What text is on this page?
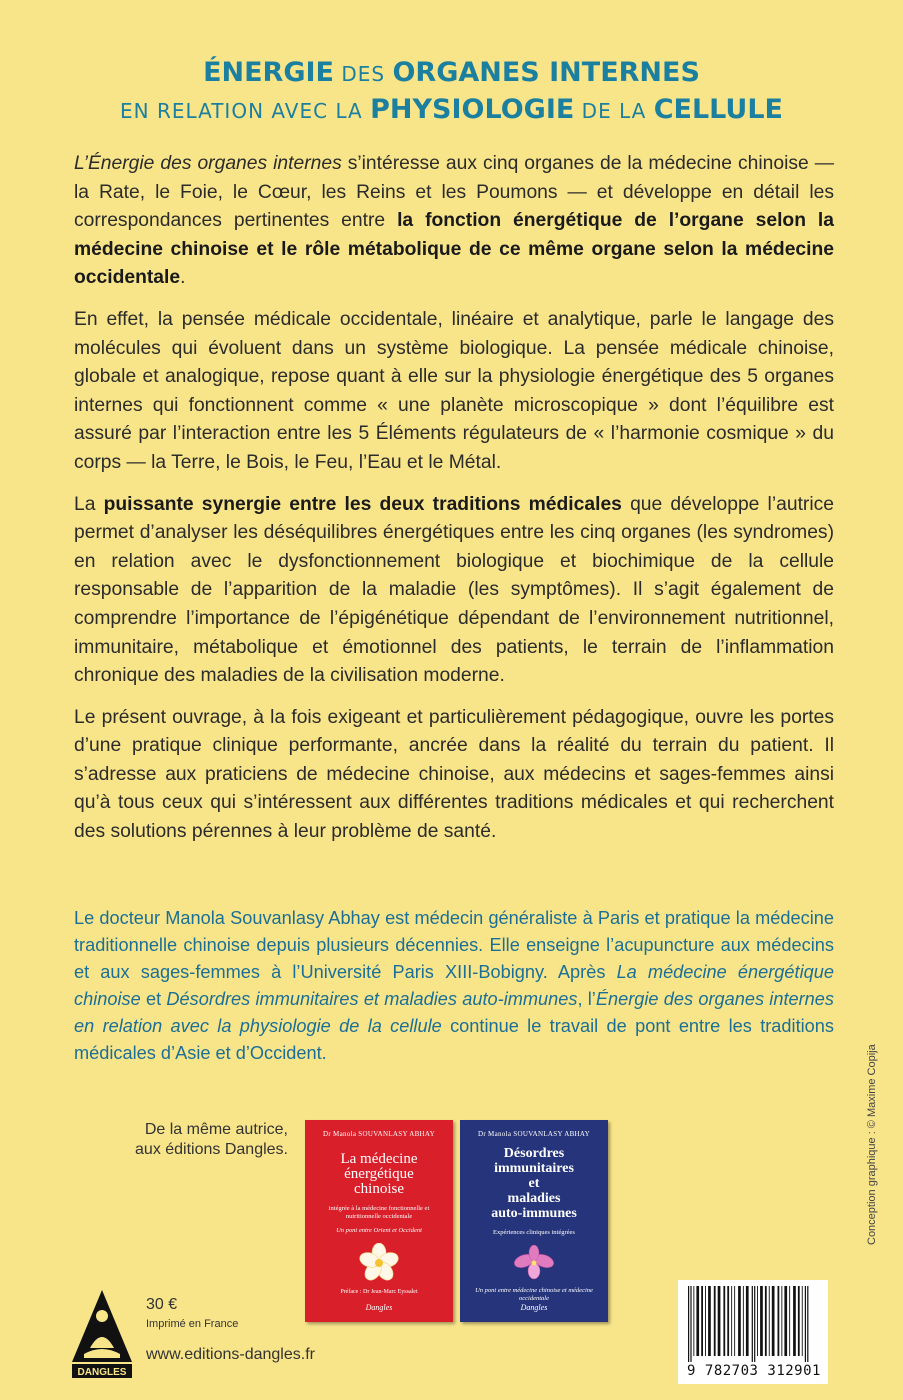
ÉNERGIE DES ORGANES INTERNES
EN RELATION AVEC LA PHYSIOLOGIE DE LA CELLULE

L’Énergie des organes internes s’intéresse aux cinq organes de la médecine chinoise — la Rate, le Foie, le Cœur, les Reins et les Poumons — et développe en détail les correspondances pertinentes entre la fonction énergétique de l’organe selon la médecine chinoise et le rôle métabolique de ce même organe selon la médecine occidentale.

En effet, la pensée médicale occidentale, linéaire et analytique, parle le langage des molécules qui évoluent dans un système biologique. La pensée médicale chinoise, globale et analogique, repose quant à elle sur la physiologie énergétique des 5 organes internes qui fonctionnent comme « une planète microscopique » dont l’équilibre est assuré par l’interaction entre les 5 Éléments régulateurs de « l’harmonie cosmique » du corps — la Terre, le Bois, le Feu, l’Eau et le Métal.

La puissante synergie entre les deux traditions médicales que développe l’autrice permet d’analyser les déséquilibres énergétiques entre les cinq organes (les syndromes) en relation avec le dysfonctionnement biologique et biochimique de la cellule responsable de l’apparition de la maladie (les symptômes). Il s’agit également de comprendre l’importance de l’épigénétique dépendant de l’environnement nutritionnel, immunitaire, métabolique et émotionnel des patients, le terrain de l’inflammation chronique des maladies de la civilisation moderne.

Le présent ouvrage, à la fois exigeant et particulièrement pédagogique, ouvre les portes d’une pratique clinique performante, ancrée dans la réalité du terrain du patient. Il s’adresse aux praticiens de médecine chinoise, aux médecins et sages-femmes ainsi qu’à tous ceux qui s’intéressent aux différentes traditions médicales et qui recherchent des solutions pérennes à leur problème de santé.

Le docteur Manola Souvanlasy Abhay est médecin généraliste à Paris et pratique la médecine traditionnelle chinoise depuis plusieurs décennies. Elle enseigne l’acupuncture aux médecins et aux sages-femmes à l’Université Paris XIII-Bobigny. Après La médecine énergétique chinoise et Désordres immunitaires et maladies auto-immunes, l’Énergie des organes internes en relation avec la physiologie de la cellule continue le travail de pont entre les traditions médicales d’Asie et d’Occident.

De la même autrice,
aux éditions Dangles.
Dr Manola SOUVANLASY ABHAY
La médecine
énergétique
chinoise
intégrée à la médecine fonctionnelle et nutritionnelle occidentale
Un pont entre Orient et Occident
Préface : Dr Jean-Marc Eyssalet
Dangles
Dr Manola SOUVANLASY ABHAY
Désordres
immunitaires
et
maladies
auto-immunes
Expériences cliniques intégrées
Un pont entre médecine chinoise et médecine occidentale
Dangles
DANGLES
30 €
Imprimé en France
www.editions-dangles.fr
9 782703 312901
Conception graphique : © Maxime Copija
